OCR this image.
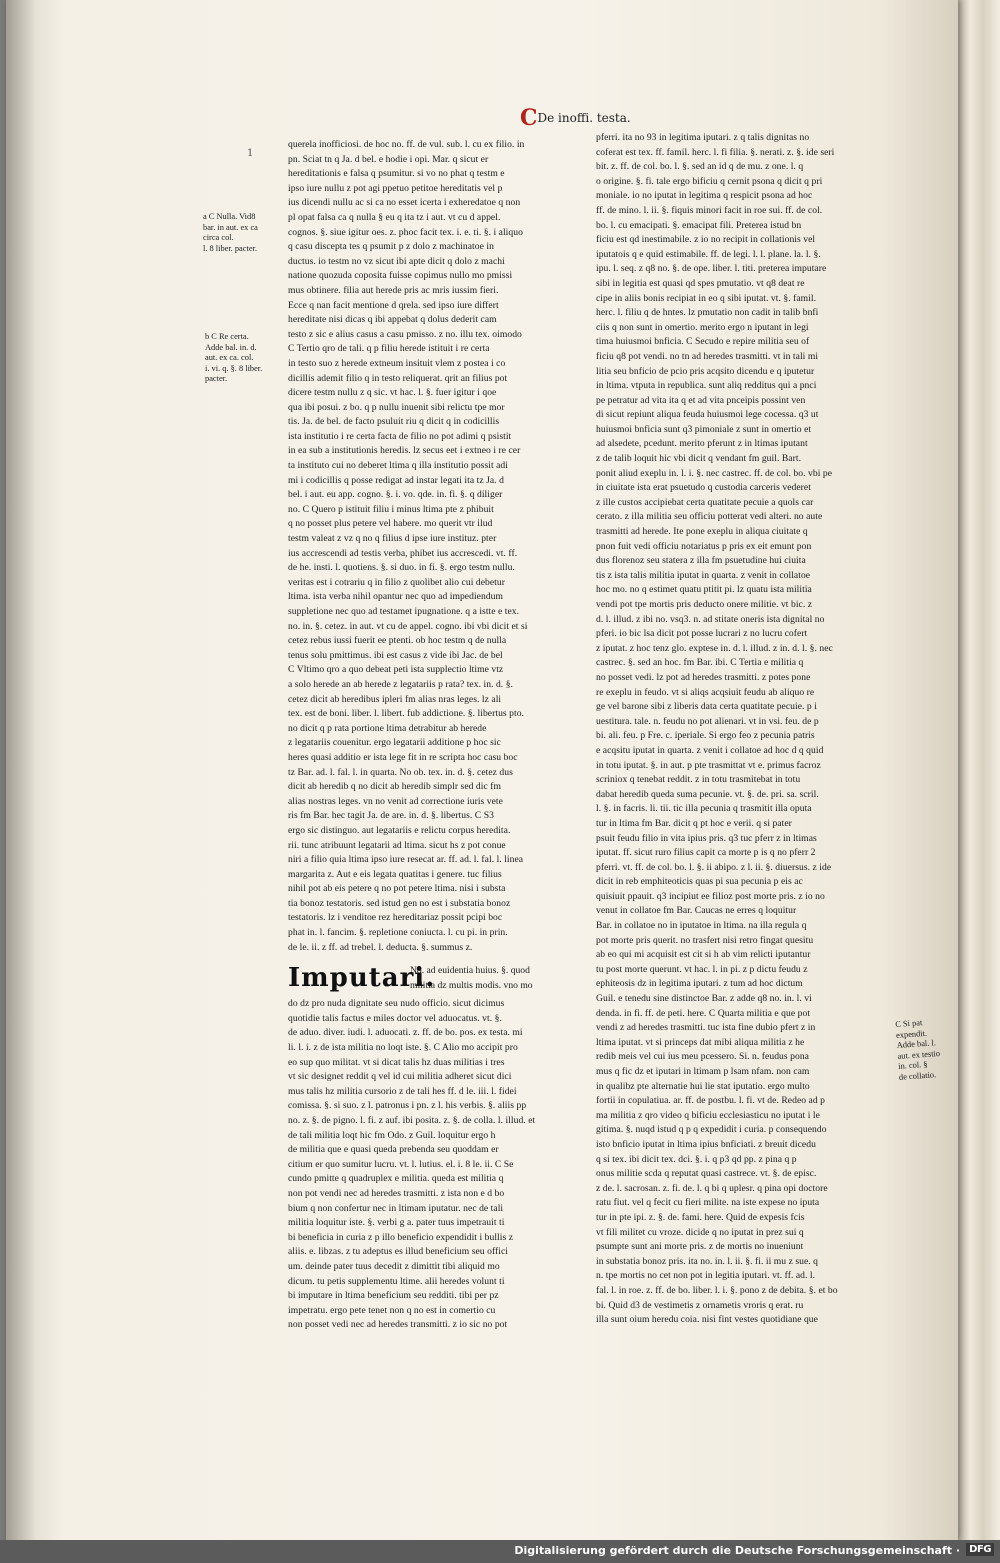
CDe inoffi. testa.
1
a C Nulla. Vid8
bar. in aut. ex ca
circa col.
l. 8 liber. pacter.
b C Re certa.
Adde bal. in. d.
aut. ex ca. col.
i. vi. q. §. 8 liber.
pacter.
C Si pat
expendit.
Adde bal. l.
aut. ex testio
in. col. §
de collatio.
querela inofficiosi. de hoc no. ff. de vul. sub. l. cu ex filio. in
pn. Sciat tn q Ja. d bel. e hodie i opi. Mar. q sicut er
hereditationis e falsa q psumitur. si vo no phat q testm e
ipso iure nullu z pot agi ppetuo petitoe hereditatis vel p
ius dicendi nullu ac si ca no esset icerta i exheredatoe q non
pl opat falsa ca q nulla § eu q ita tz i aut. vt cu d appel.
cognos. §. siue igitur oes. z. phoc facit tex. i. e. ti. §. i aliquo
q casu discepta tes q psumit p z dolo z machinatoe in
ductus. io testm no vz sicut ibi apte dicit q dolo z machi
natione quozuda coposita fuisse copimus nullo mo pmissi
mus obtinere. filia aut herede pris ac mris iussim fieri.
Ecce q nan facit mentione d qrela. sed ipso iure differt
hereditate nisi dicas q ibi appebat q dolus dederit cam
testo z sic e alius casus a casu pmisso. z no. illu tex. oimodo
C Tertio qro de tali. q p filiu herede istituit i re certa
in testo suo z herede extneum insituit vlem z postea i co
dicillis ademit filio q in testo reliquerat. qrit an filius pot
dicere testm nullu z q sic. vt hac. l. §. fuer igitur i qoe
qua ibi posui. z bo. q p nullu inuenit sibi relictu tpe mor
tis. Ja. de bel. de facto psuluit riu q dicit q in codicillis
ista institutio i re certa facta de filio no pot adimi q psistit
in ea sub a institutionis heredis. lz secus eet i extneo i re cer
ta instituto cui no deberet ltima q illa institutio possit adi
mi i codicillis q posse redigat ad instar legati ita tz Ja. d
bel. i aut. eu app. cogno. §. i. vo. qde. in. fi. §. q diliger
no. C Quero p istituit filiu i minus ltima pte z phibuit
q no posset plus petere vel habere. mo querit vtr ilud
testm valeat z vz q no q filius d ipse iure instituz. pter
ius accrescendi ad testis verba, phibet ius accrescedi. vt. ff.
de he. insti. l. quotiens. §. si duo. in fi. §. ergo testm nullu.
veritas est i cotrariu q in filio z quolibet alio cui debetur
ltima. ista verba nihil opantur nec quo ad impediendum
suppletione nec quo ad testamet ipugnatione. q a istte e tex.
no. in. §. cetez. in aut. vt cu de appel. cogno. ibi vbi dicit et si
cetez rebus iussi fuerit ee ptenti. ob hoc testm q de nulla
tenus solu pmittimus. ibi est casus z vide ibi Jac. de bel
C Vltimo qro a quo debeat peti ista supplectio ltime vtz
a solo herede an ab herede z legatariis p rata? tex. in. d. §.
cetez dicit ab heredibus ipleri fm alias nras leges. lz ali
tex. est de boni. liber. l. libert. fub addictione. §. libertus pto.
no dicit q p rata portione ltima detrabitur ab herede
z legatariis couenitur. ergo legatarii additione p hoc sic
heres quasi additio er ista lege fit in re scripta hoc casu boc
tz Bar. ad. l. fal. l. in quarta. No ob. tex. in. d. §. cetez dus
dicit ab heredib q no dicit ab heredib simplr sed dic fm
alias nostras leges. vn no venit ad correctione iuris vete
ris fm Bar. hec tagit Ja. de are. in. d. §. libertus. C S3
ergo sic distinguo. aut legatariis e relictu corpus heredita.
rii. tunc atribuunt legatarii ad ltima. sicut hs z pot conue
niri a filio quia ltima ipso iure resecat ar. ff. ad. l. fal. l. linea
margarita z. Aut e eis legata quatitas i genere. tuc filius
nihil pot ab eis petere q no pot petere ltima. nisi i substa
tia bonoz testatoris. sed istud gen no est i substatia bonoz
testatoris. lz i venditoe rez hereditariaz possit pcipi boc
phat in. l. fancim. §. repletione coniucta. l. cu pi. in prin.
de le. ii. z ff. ad trebel. l. deducta. §. summus z.
Imputari.
No. ad euidentia huius. §. quod
militia dz multis modis. vno mo
do dz pro nuda dignitate seu nudo officio. sicut dicimus
quotidie talis factus e miles doctor vel aduocatus. vt. §.
de aduo. diver. iudi. l. aduocati. z. ff. de bo. pos. ex testa. mi
li. l. i. z de ista militia no loqt iste. §. C Alio mo accipit pro
eo sup quo militat. vt si dicat talis hz duas militias i tres
vt sic designet reddit q vel id cui militia adheret sicut dici
mus talis hz militia cursorio z de tali hes ff. d le. iii. l. fidei
comissa. §. si suo. z l. patronus i pn. z l. his verbis. §. aliis pp
no. z. §. de pigno. l. fi. z auf. ibi posita. z. §. de colla. l. illud. et
de tali militia loqt hic fm Odo. z Guil. loquitur ergo h
de militia que e quasi queda prebenda seu quoddam er
citium er quo sumitur lucru. vt. l. lutius. el. i. 8 le. ii. C Se
cundo pmitte q quadruplex e militia. queda est militia q
non pot vendi nec ad heredes trasmitti. z ista non e d bo
bium q non confertur nec in ltimam iputatur. nec de tali
militia loquitur iste. §. verbi g a. pater tuus impetrauit ti
bi beneficia in curia z p illo beneficio expendidit i bullis z
aliis. e. libzas. z tu adeptus es illud beneficium seu offici
um. deinde pater tuus decedit z dimittit tibi aliquid mo
dicum. tu petis supplementu ltime. alii heredes volunt ti
bi imputare in ltima beneficium seu redditi. tibi per pz
impetratu. ergo pete tenet non q no est in comertio cu
non posset vedi nec ad heredes transmitti. z io sic no pot
pferri. ita no 93 in legitima iputari. z q talis dignitas no
coferat est tex. ff. famil. herc. l. fi filia. §. nerati. z. §. ide seri
bit. z. ff. de col. bo. l. §. sed an id q de mu. z one. l. q
o origine. §. fi. tale ergo bificiu q cernit psona q dicit q pri
moniale. io no iputat in legitima q respicit psona ad hoc
ff. de mino. l. ii. §. fiquis minori facit in roe sui. ff. de col.
bo. l. cu emacipati. §. emacipat fili. Preterea istud bn
ficiu est qd inestimabile. z io no recipit in collationis vel
iputatois q e quid estimabile. ff. de legi. l. l. plane. la. l. §.
ipu. l. seq. z q8 no. §. de ope. liber. l. titi. preterea imputare
sibi in legitia est quasi qd spes pmutatio. vt q8 deat re
cipe in aliis bonis recipiat in eo q sibi iputat. vt. §. famil.
herc. l. filiu q de hntes. lz pmutatio non cadit in talib bnfi
ciis q non sunt in omertio. merito ergo n iputant in legi
tima huiusmoi bnficia. C Secudo e repire militia seu of
ficiu q8 pot vendi. no tn ad heredes trasmitti. vt in tali mi
litia seu bnficio de pcio pris acqsito dicendu e q iputetur
in ltima. vtputa in republica. sunt aliq redditus qui a pnci
pe petratur ad vita ita q et ad vita pnceipis possint ven
di sicut repiunt aliqua feuda huiusmoi lege cocessa. q3 ut
huiusmoi bnficia sunt q3 pimoniale z sunt in omertio et
ad alsedete, pcedunt. merito pferunt z in ltimas iputant
z de talib loquit hic vbi dicit q vendant fm guil. Bart.
ponit aliud exeplu in. l. i. §. nec castrec. ff. de col. bo. vbi pe
in ciuitate ista erat psuetudo q custodia carceris vederet
z ille custos accipiebat certa quatitate pecuie a quols car
cerato. z illa militia seu officiu potterat vedi alteri. no aute
trasmitti ad herede. Ite pone exeplu in aliqua ciuitate q
pnon fuit vedi officiu notariatus p pris ex eit emunt pon
dus florenoz seu statera z illa fm psuetudine hui ciuita
tis z ista talis militia iputat in quarta. z venit in collatoe
hoc mo. no q estimet quatu ptitit pi. lz quatu ista militia
vendi pot tpe mortis pris deducto onere militie. vt bic. z
d. l. illud. z ibi no. vsq3. n. ad stitate oneris ista dignital no
pferi. io bic lsa dicit pot posse lucrari z no lucru cofert
z iputat. z hoc tenz glo. exptese in. d. l. illud. z in. d. l. §. nec
castrec. §. sed an hoc. fm Bar. ibi. C Tertia e militia q
no posset vedi. lz pot ad heredes trasmitti. z potes pone
re exeplu in feudo. vt si aliqs acqsiuit feudu ab aliquo re
ge vel barone sibi z liberis data certa quatitate pecuie. p i
uestitura. tale. n. feudu no pot alienari. vt in vsi. feu. de p
bi. ali. feu. p Fre. c. iperiale. Si ergo feo z pecunia patris
e acqsitu iputat in quarta. z venit i collatoe ad hoc d q quid
in totu iputat. §. in aut. p pte trasmittat vt e. primus facroz
scriniox q tenebat reddit. z in totu trasmitebat in totu
dabat heredib queda suma pecunie. vt. §. de. pri. sa. scril.
l. §. in facris. li. tii. tic illa pecunia q trasmitit illa oputa
tur in ltima fm Bar. dicit q pt hoc e verii. q si pater
psuit feudu filio in vita ipius pris. q3 tuc pferr z in ltimas
iputat. ff. sicut ruro filius capit ca morte p is q no pferr 2
pferri. vt. ff. de col. bo. l. §. ii abipo. z l. ii. §. diuersus. z ide
dicit in reb emphiteoticis quas pi sua pecunia p eis ac
quisiuit ppauit. q3 incipiut ee filioz post morte pris. z io no
venut in collatoe fm Bar. Caucas ne erres q loquitur
Bar. in collatoe no in iputatoe in ltima. na illa regula q
pot morte pris querit. no trasfert nisi retro fingat quesitu
ab eo qui mi acquisit est cit si h ab vim relicti iputantur
tu post morte querunt. vt hac. l. in pi. z p dictu feudu z
ephiteosis dz in legitima iputari. z tum ad hoc dictum
Guil. e tenedu sine distinctoe Bar. z adde q8 no. in. l. vi
denda. in fi. ff. de peti. here. C Quarta militia e que pot
vendi z ad heredes trasmitti. tuc ista fine dubio pfert z in
ltima iputat. vt si princeps dat mibi aliqua militia z he
redib meis vel cui ius meu pcessero. Si. n. feudus pona
mus q fic dz et iputari in ltimam p lsam nfam. non cam
in qualibz pte alternatie hui lie stat iputatio. ergo multo
fortii in copulatiua. ar. ff. de postbu. l. fi. vt de. Redeo ad p
ma militia z qro video q bificiu ecclesiasticu no iputat i le
gitima. §. nuqd istud q p q expedidit i curia. p consequendo
isto bnficio iputat in ltima ipius bnficiati. z breuit dicedu
q si tex. ibi dicit tex. dci. §. i. q p3 qd pp. z pina q p
onus militie scda q reputat quasi castrece. vt. §. de episc.
z de. l. sacrosan. z. fi. de. l. q bi q uplesr. q pina opi doctore
ratu fiut. vel q fecit cu fieri milite. na iste expese no iputa
tur in pte ipi. z. §. de. fami. here. Quid de expesis fcis
vt fili militet cu vroze. dicide q no iputat in prez sui q
psumpte sunt ani morte pris. z de mortis no inueniunt
in substatia bonoz pris. ita no. in. l. ii. §. fi. ii mu z sue. q
n. tpe mortis no cet non pot in legitia iputari. vt. ff. ad. l.
fal. l. in roe. z. ff. de bo. liber. l. i. §. pono z de debita. §. et bo
bi. Quid d3 de vestimetis z ornametis vroris q erat. ru
illa sunt oium heredu coia. nisi fint vestes quotidiane que
Digitalisierung gefördert durch die Deutsche Forschungsgemeinschaft · DFG
